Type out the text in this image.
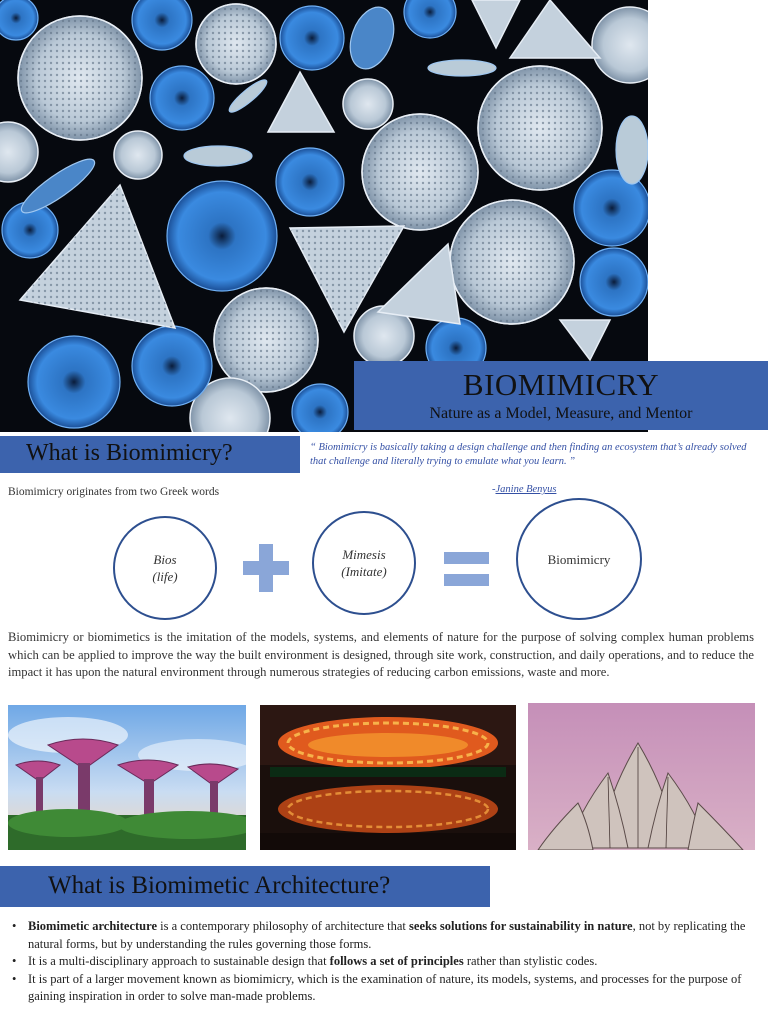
BIOMIMICRY
Nature as a Model, Measure, and Mentor
What is Biomimicry?	“ Biomimicry is basically taking a design challenge and then finding an ecosystem that’s already solved that challenge and literally trying to emulate what you learn. ”
-Janine Benyus
Biomimicry originates from two Greek words
Bios
(life)
Mimesis
(Imitate)
Biomimicry
Biomimicry or biomimetics is the imitation of the models, systems, and elements of nature for the purpose of solving complex human problems which can be applied to improve the way the built environment is designed, through site work, construction, and daily operations, and to reduce the impact it has upon the natural environment through numerous strategies of reducing carbon emissions, waste and more.
What is Biomimetic Architecture?
• Biomimetic architecture is a contemporary philosophy of architecture that seeks solutions for sustainability in nature, not by replicating the natural forms, but by understanding the rules governing those forms.
• It is a multi-disciplinary approach to sustainable design that follows a set of principles rather than stylistic codes.
• It is part of a larger movement known as biomimicry, which is the examination of nature, its models, systems, and processes for the purpose of gaining inspiration in order to solve man-made problems.
